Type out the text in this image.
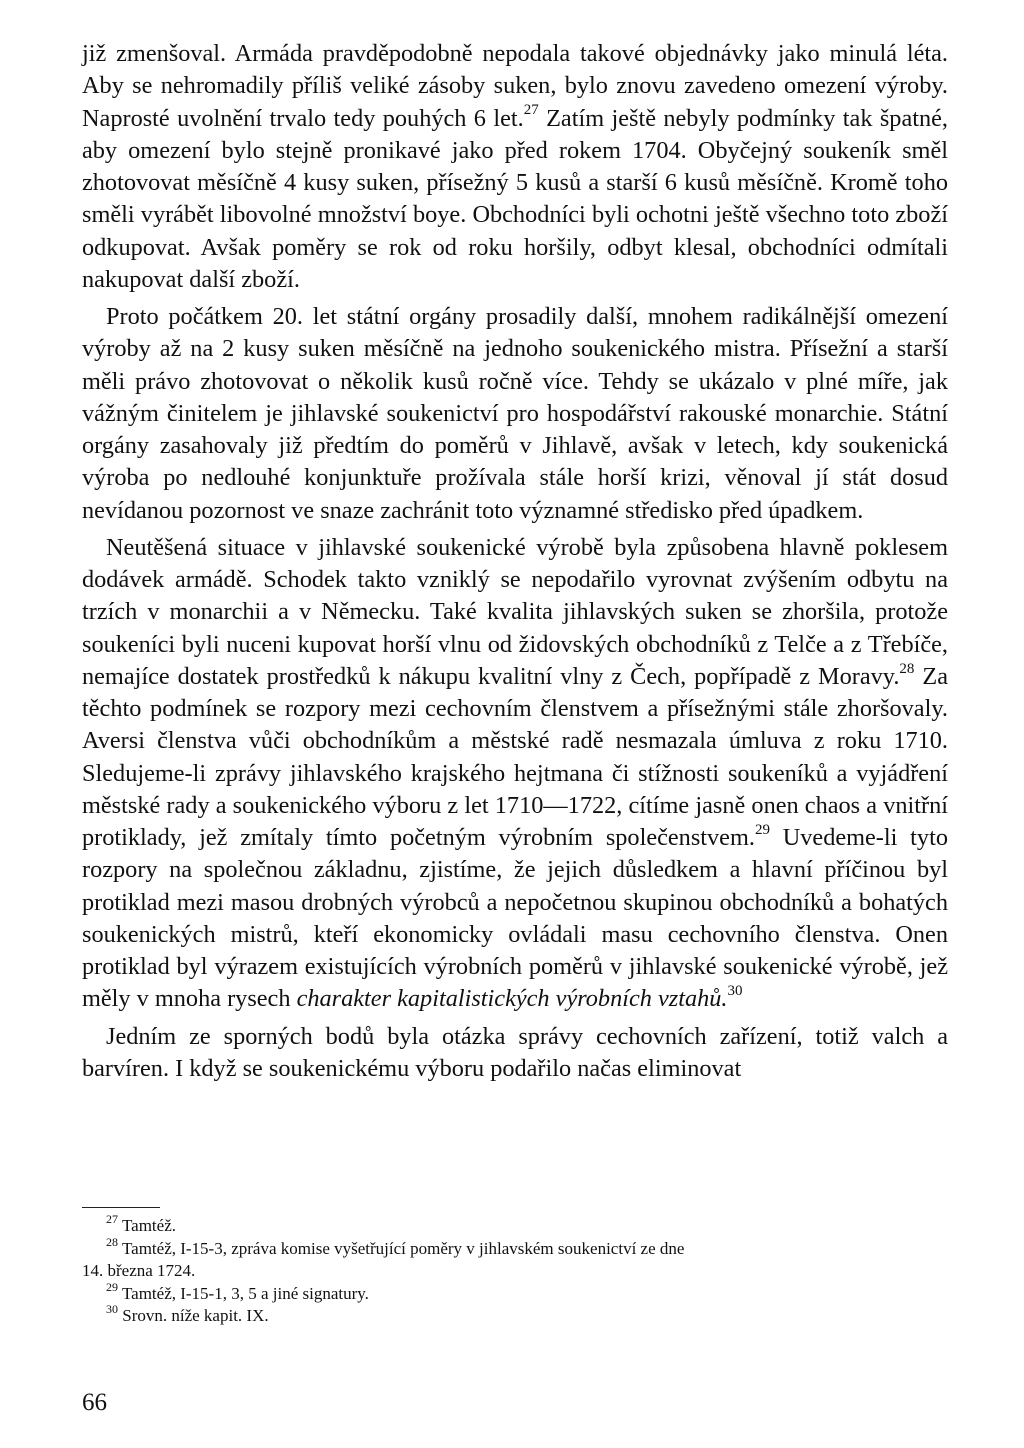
již zmenšoval. Armáda pravděpodobně nepodala takové objednávky jako minulá léta. Aby se nehromadily příliš veliké zásoby suken, bylo znovu zavedeno omezení výroby. Naprosté uvolnění trvalo tedy pouhých 6 let.$^{27}$ Zatím ještě nebyly podmínky tak špatné, aby omezení bylo stejně pronikavé jako před rokem 1704. Obyčejný soukeník směl zhotovovat měsíčně 4 kusy suken, přísežný 5 kusů a starší 6 kusů měsíčně. Kromě toho směli vyrábět libovolné množství boye. Obchodníci byli ochotni ještě všechno toto zboží odkupovat. Avšak poměry se rok od roku horšily, odbyt klesal, obchodníci odmítali nakupovat další zboží.

Proto počátkem 20. let státní orgány prosadily další, mnohem radikálnější omezení výroby až na 2 kusy suken měsíčně na jednoho soukenického mistra. Přísežní a starší měli právo zhotovovat o několik kusů ročně více. Tehdy se ukázalo v plné míře, jak vážným činitelem je jihlavské soukenictví pro hospodářství rakouské monarchie. Státní orgány zasahovaly již předtím do poměrů v Jihlavě, avšak v letech, kdy soukenická výroba po nedlouhé konjunktuře prožívala stále horší krizi, věnoval jí stát dosud nevídanou pozornost ve snaze zachránit toto významné středisko před úpadkem.

Neutěšená situace v jihlavské soukenické výrobě byla způsobena hlavně poklesem dodávek armádě. Schodek takto vzniklý se nepodařilo vyrovnat zvýšením odbytu na trzích v monarchii a v Německu. Také kvalita jihlavských suken se zhoršila, protože soukeníci byli nuceni kupovat horší vlnu od židovských obchodníků z Telče a z Třebíče, nemajíce dostatek prostředků k nákupu kvalitní vlny z Čech, popřípadě z Moravy.$^{28}$ Za těchto podmínek se rozpory mezi cechovním členstvem a přísežnými stále zhoršovaly. Aversi členstva vůči obchodníkům a městské radě nesmazala úmluva z roku 1710. Sledujeme-li zprávy jihlavského krajského hejtmana či stížnosti soukeníků a vyjádření městské rady a soukenického výboru z let 1710—1722, cítíme jasně onen chaos a vnitřní protiklady, jež zmítaly tímto početným výrobním společenstvem.$^{29}$ Uvedeme-li tyto rozpory na společnou základnu, zjistíme, že jejich důsledkem a hlavní příčinou byl protiklad mezi masou drobných výrobců a nepočetnou skupinou obchodníků a bohatých soukenických mistrů, kteří ekonomicky ovládali masu cechovního členstva. Onen protiklad byl výrazem existujících výrobních poměrů v jihlavské soukenické výrobě, jež měly v mnoha rysech charakter kapitalistických výrobních vztahů.$^{30}$

Jedním ze sporných bodů byla otázka správy cechovních zařízení, totiž valch a barvíren. I když se soukenickému výboru podařilo načas eliminovat

$^{27}$ Tamtéž.

$^{28}$ Tamtéž, I-15-3, zpráva komise vyšetřující poměry v jihlavském soukenictví ze dne

14. března 1724.

$^{29}$ Tamtéž, I-15-1, 3, 5 a jiné signatury.

$^{30}$ Srovn. níže kapit. IX.

66
